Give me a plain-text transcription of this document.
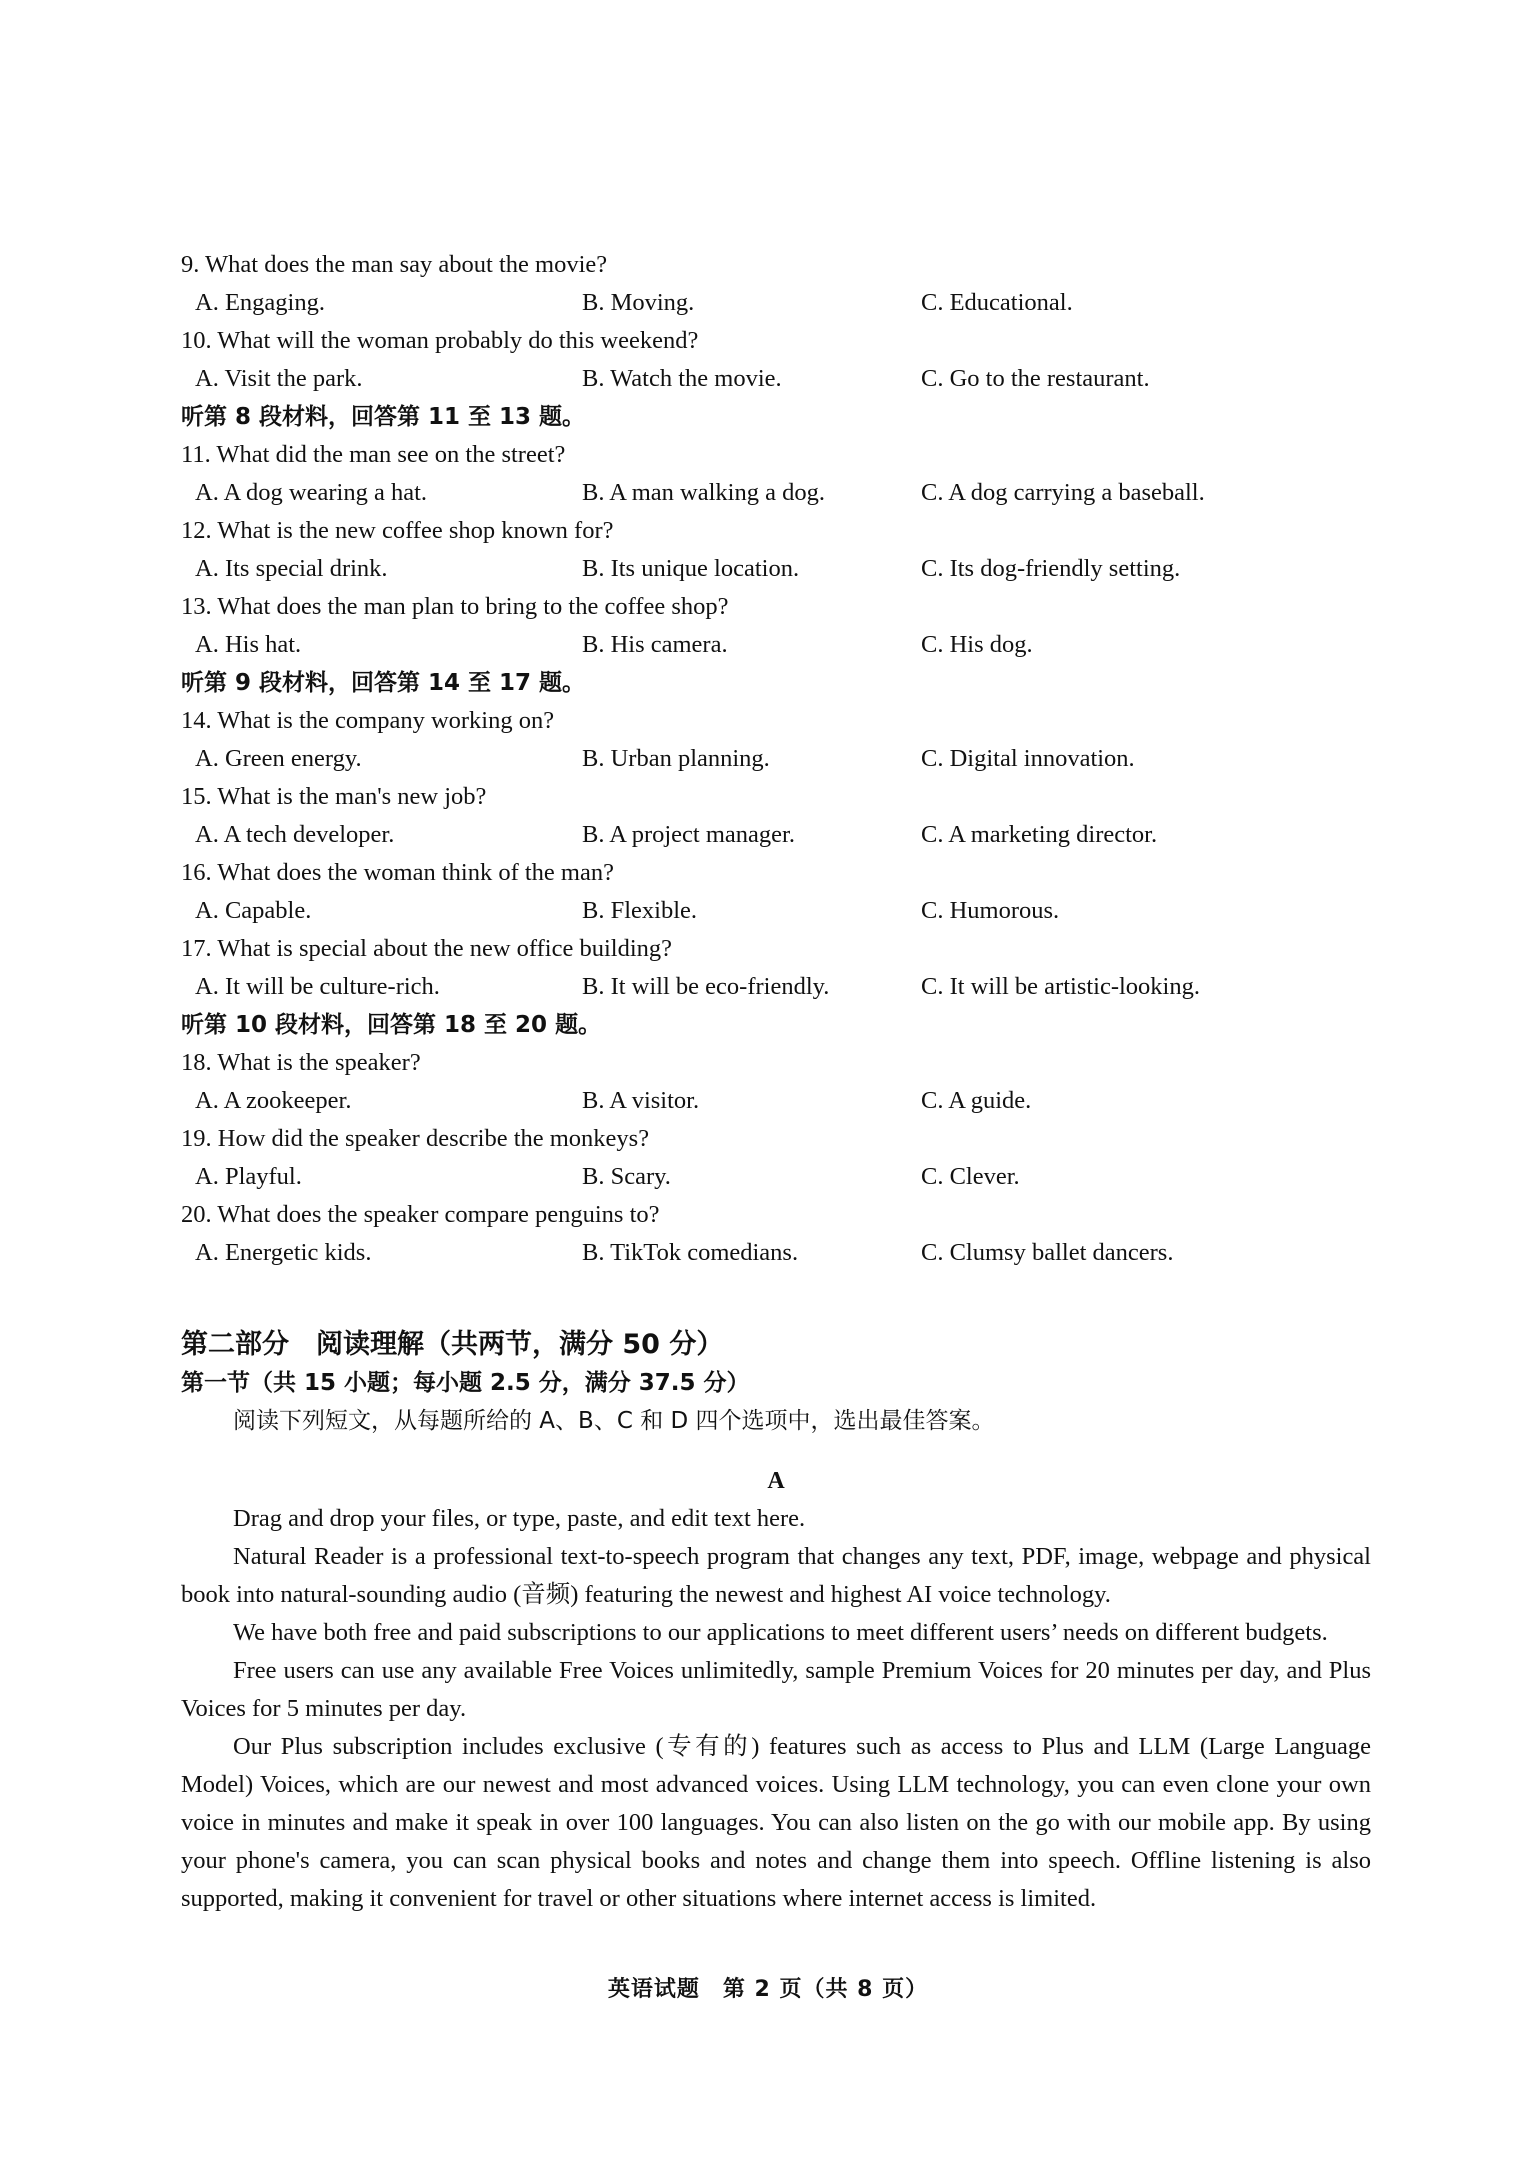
9. What does the man say about the movie?
A. Engaging.	B. Moving.	C. Educational.
10. What will the woman probably do this weekend?
A. Visit the park.	B. Watch the movie.	C. Go to the restaurant.
听第 8 段材料，回答第 11 至 13 题。
11. What did the man see on the street?
A. A dog wearing a hat.	B. A man walking a dog.	C. A dog carrying a baseball.
12. What is the new coffee shop known for?
A. Its special drink.	B. Its unique location.	C. Its dog-friendly setting.
13. What does the man plan to bring to the coffee shop?
A. His hat.	B. His camera.	C. His dog.
听第 9 段材料，回答第 14 至 17 题。
14. What is the company working on?
A. Green energy.	B. Urban planning.	C. Digital innovation.
15. What is the man's new job?
A. A tech developer.	B. A project manager.	C. A marketing director.
16. What does the woman think of the man?
A. Capable.	B. Flexible.	C. Humorous.
17. What is special about the new office building?
A. It will be culture-rich.	B. It will be eco-friendly.	C. It will be artistic-looking.
听第 10 段材料，回答第 18 至 20 题。
18. What is the speaker?
A. A zookeeper.	B. A visitor.	C. A guide.
19. How did the speaker describe the monkeys?
A. Playful.	B. Scary.	C. Clever.
20. What does the speaker compare penguins to?
A. Energetic kids.	B. TikTok comedians.	C. Clumsy ballet dancers.
第二部分　阅读理解（共两节，满分 50 分）
第一节（共 15 小题；每小题 2.5 分，满分 37.5 分）
阅读下列短文，从每题所给的 A、B、C 和 D 四个选项中，选出最佳答案。
A
Drag and drop your files, or type, paste, and edit text here.
Natural Reader is a professional text-to-speech program that changes any text, PDF, image, webpage and physical book into natural-sounding audio (音频) featuring the newest and highest AI voice technology.
We have both free and paid subscriptions to our applications to meet different users’ needs on different budgets.
Free users can use any available Free Voices unlimitedly, sample Premium Voices for 20 minutes per day, and Plus Voices for 5 minutes per day.
Our Plus subscription includes exclusive (专有的) features such as access to Plus and LLM (Large Language Model) Voices, which are our newest and most advanced voices. Using LLM technology, you can even clone your own voice in minutes and make it speak in over 100 languages. You can also listen on the go with our mobile app. By using your phone's camera, you can scan physical books and notes and change them into speech. Offline listening is also supported, making it convenient for travel or other situations where internet access is limited.
英语试题　第 2 页（共 8 页）
